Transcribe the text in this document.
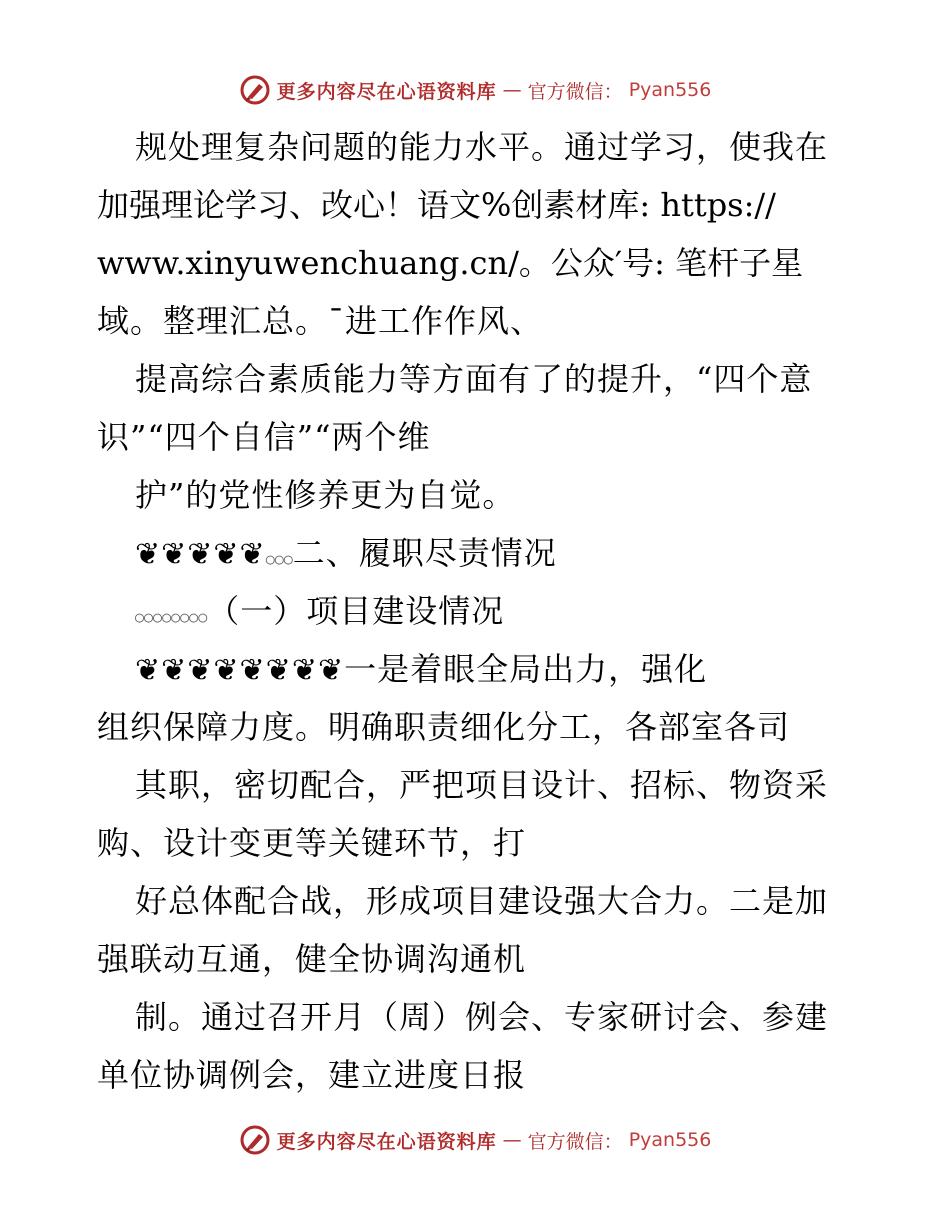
更多内容尽在心语资料库 — 官方微信： Pyan556
规处理复杂问题的能力水平。通过学习，使我在
加强理论学习、改心！语文%创素材库: https://
www.xinyuwenchuang.cn/。公众′号: 笔杆子星
域。整理汇总。¯进工作作风、
提高综合素质能力等方面有了的提升，“四个意
识”“四个自信”“两个维
护”的党性修养更为自觉。
❦❦❦❦❦○○○二、履职尽责情况
○○○○○○○○（一）项目建设情况
❦❦❦❦❦❦❦❦一是着眼全局出力，强化
组织保障力度。明确职责细化分工，各部室各司
其职，密切配合，严把项目设计、招标、物资采
购、设计变更等关键环节，打
好总体配合战，形成项目建设强大合力。二是加
强联动互通，健全协调沟通机
制。通过召开月（周）例会、专家研讨会、参建
单位协调例会，建立进度日报
更多内容尽在心语资料库 — 官方微信： Pyan556
